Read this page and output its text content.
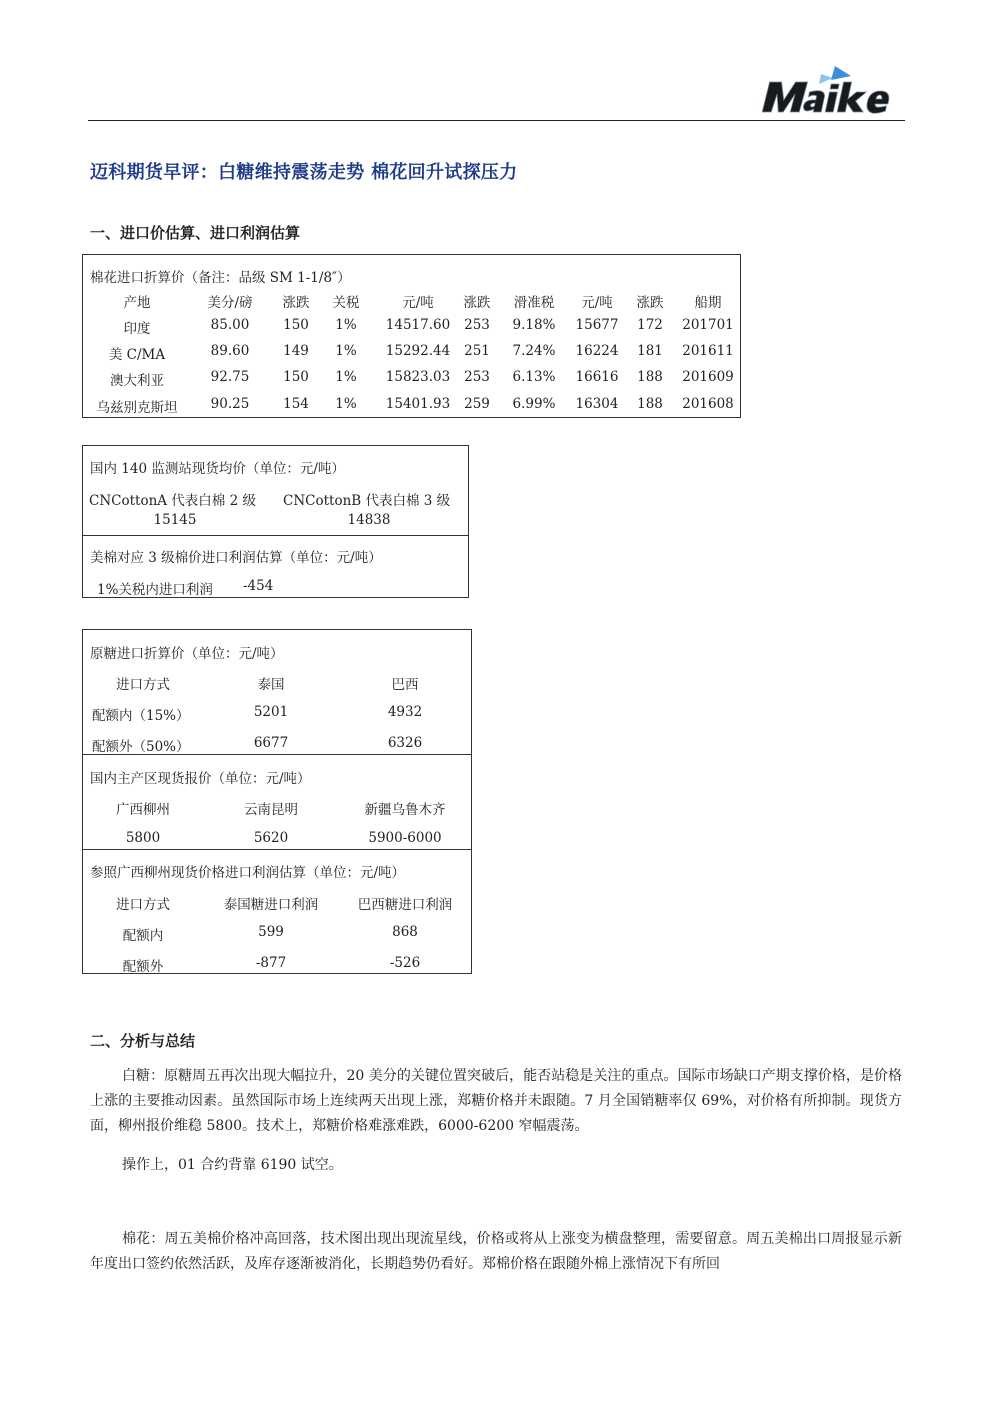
迈科期货早评：白糖维持震荡走势 棉花回升试探压力
一、进口价估算、进口利润估算
棉花进口折算价（备注：品级 SM 1-1/8″）
产地	美分/磅 涨跌 关税	元/吨 涨跌 滑准税 元/吨 涨跌 船期
印度	85.00	150 1% 14517.60 253 9.18% 15677 172 201701
美 C/MA	89.60	149 1% 15292.44 251 7.24% 16224 181 201611
澳大利亚	92.75	150 1% 15823.03 253 6.13% 16616 188 201609
乌兹别克斯坦 90.25	154 1% 15401.93 259 6.99% 16304 188 201608
国内 140 监测站现货均价（单位：元/吨）
CNCottonA 代表白棉 2 级 CNCottonB 代表白棉 3 级
15145	14838
美棉对应 3 级棉价进口利润估算（单位：元/吨）
1%关税内进口利润 -454
原糖进口折算价（单位：元/吨）
进口方式	泰国	巴西
配额内（15%）	5201	4932
配额外（50%）	6677	6326
国内主产区现货报价（单位：元/吨）
广西柳州	云南昆明	新疆乌鲁木齐
5800	5620	5900-6000
参照广西柳州现货价格进口利润估算（单位：元/吨）
进口方式	泰国糖进口利润	巴西糖进口利润
配额内	599	868
配额外	-877	-526
二、分析与总结
白糖：原糖周五再次出现大幅拉升，20 美分的关键位置突破后，能否站稳是关注的重点。国际市场缺口产期支撑价格，是价格上涨的主要推动因素。虽然国际市场上连续两天出现上涨，郑糖价格并未跟随。7 月全国销糖率仅 69%，对价格有所抑制。现货方面，柳州报价维稳 5800。技术上，郑糖价格难涨难跌，6000-6200 窄幅震荡。
操作上，01 合约背靠 6190 试空。
棉花：周五美棉价格冲高回落，技术图出现出现流星线，价格或将从上涨变为横盘整理，需要留意。周五美棉出口周报显示新年度出口签约依然活跃，及库存逐渐被消化，长期趋势仍看好。郑棉价格在跟随外棉上涨情况下有所回
